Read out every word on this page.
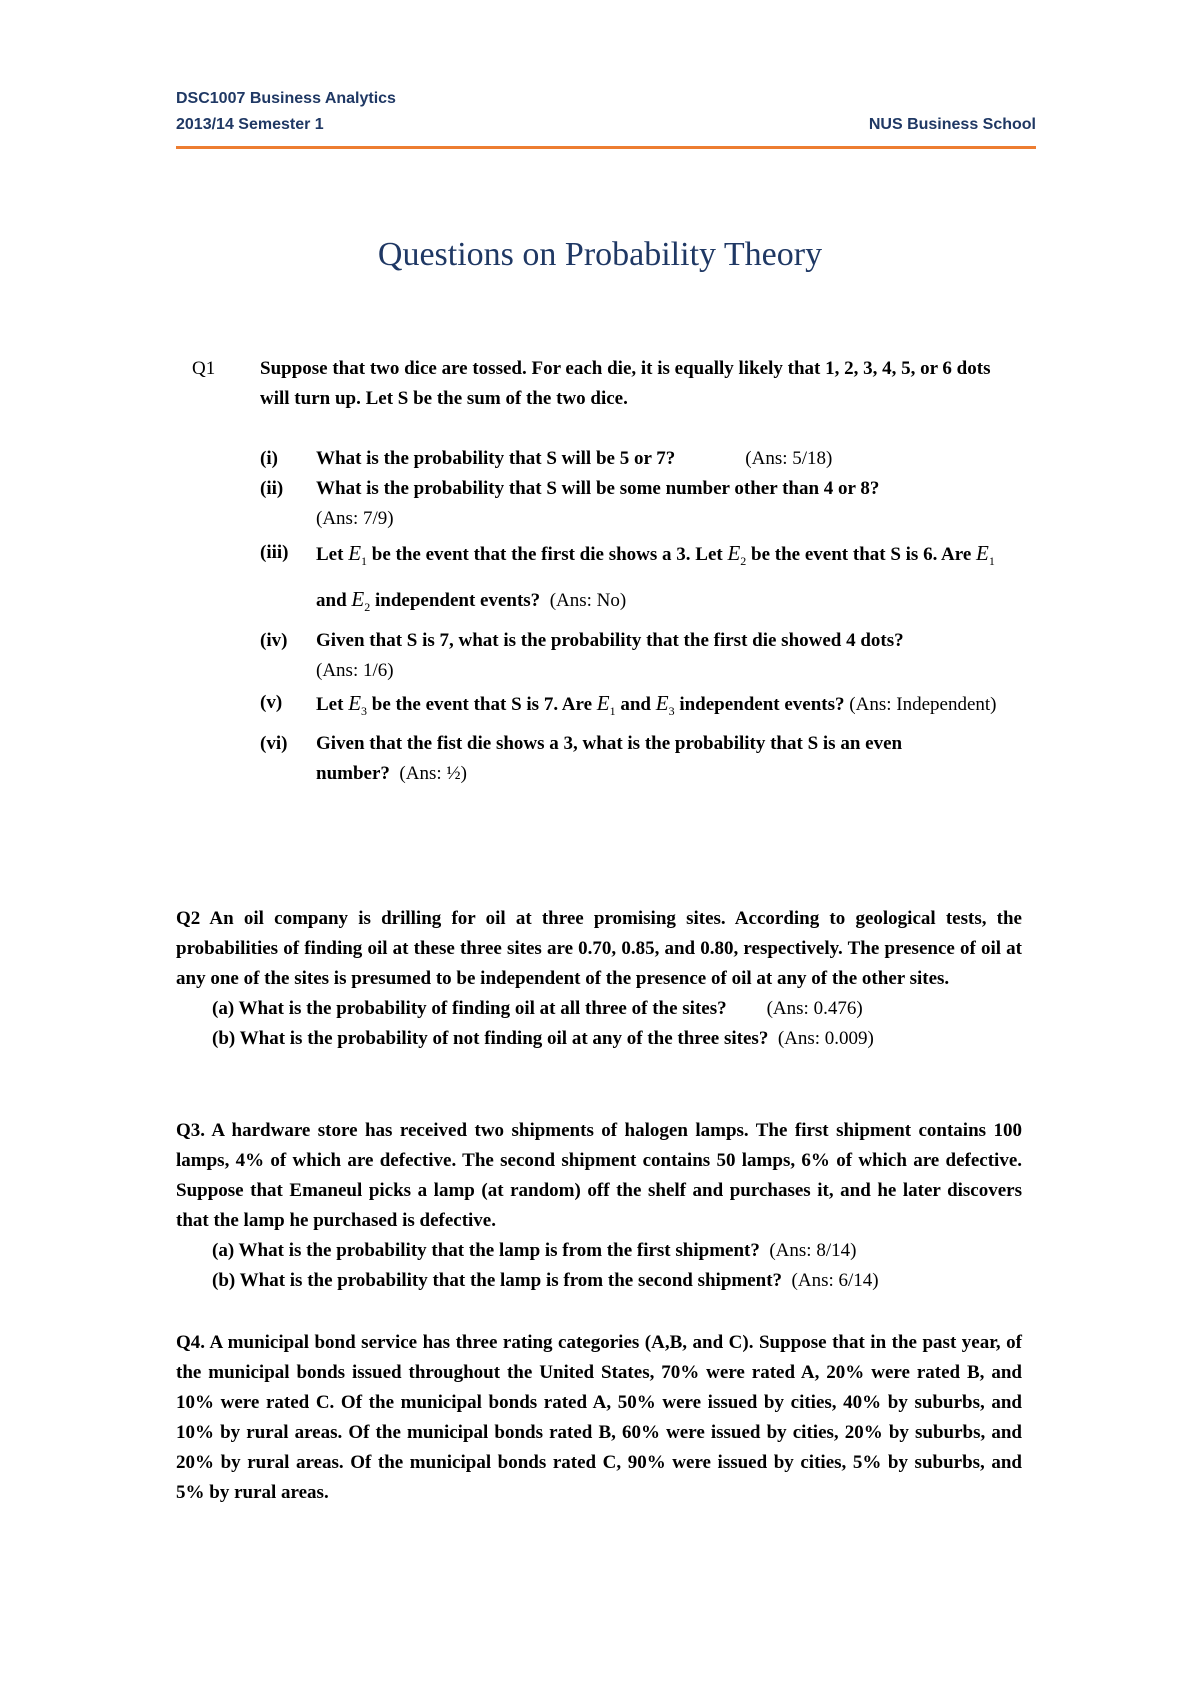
DSC1007 Business Analytics
2013/14 Semester 1	NUS Business School
Questions on Probability Theory
Q1	Suppose that two dice are tossed. For each die, it is equally likely that 1, 2, 3, 4, 5, or 6 dots will turn up. Let S be the sum of the two dice.
(i)	What is the probability that S will be 5 or 7?	(Ans: 5/18)
(ii)	What is the probability that S will be some number other than 4 or 8?
(Ans: 7/9)
(iii)	Let $E_1$ be the event that the first die shows a 3. Let $E_2$ be the event that S is 6. Are $E_1$ and $E_2$ independent events? (Ans: No)
(iv)	Given that S is 7, what is the probability that the first die showed 4 dots?
(Ans: 1/6)
(v)	Let $E_3$ be the event that S is 7. Are $E_1$ and $E_3$ independent events? (Ans: Independent)
(vi)	Given that the fist die shows a 3, what is the probability that S is an even number? (Ans: ½)
Q2 An oil company is drilling for oil at three promising sites. According to geological tests, the probabilities of finding oil at these three sites are 0.70, 0.85, and 0.80, respectively. The presence of oil at any one of the sites is presumed to be independent of the presence of oil at any of the other sites.
(a) What is the probability of finding oil at all three of the sites? (Ans: 0.476)
(b) What is the probability of not finding oil at any of the three sites? (Ans: 0.009)
Q3. A hardware store has received two shipments of halogen lamps. The first shipment contains 100 lamps, 4% of which are defective. The second shipment contains 50 lamps, 6% of which are defective. Suppose that Emaneul picks a lamp (at random) off the shelf and purchases it, and he later discovers that the lamp he purchased is defective.
(a) What is the probability that the lamp is from the first shipment? (Ans: 8/14)
(b) What is the probability that the lamp is from the second shipment? (Ans: 6/14)
Q4. A municipal bond service has three rating categories (A,B, and C). Suppose that in the past year, of the municipal bonds issued throughout the United States, 70% were rated A, 20% were rated B, and 10% were rated C. Of the municipal bonds rated A, 50% were issued by cities, 40% by suburbs, and 10% by rural areas. Of the municipal bonds rated B, 60% were issued by cities, 20% by suburbs, and 20% by rural areas. Of the municipal bonds rated C, 90% were issued by cities, 5% by suburbs, and 5% by rural areas.
